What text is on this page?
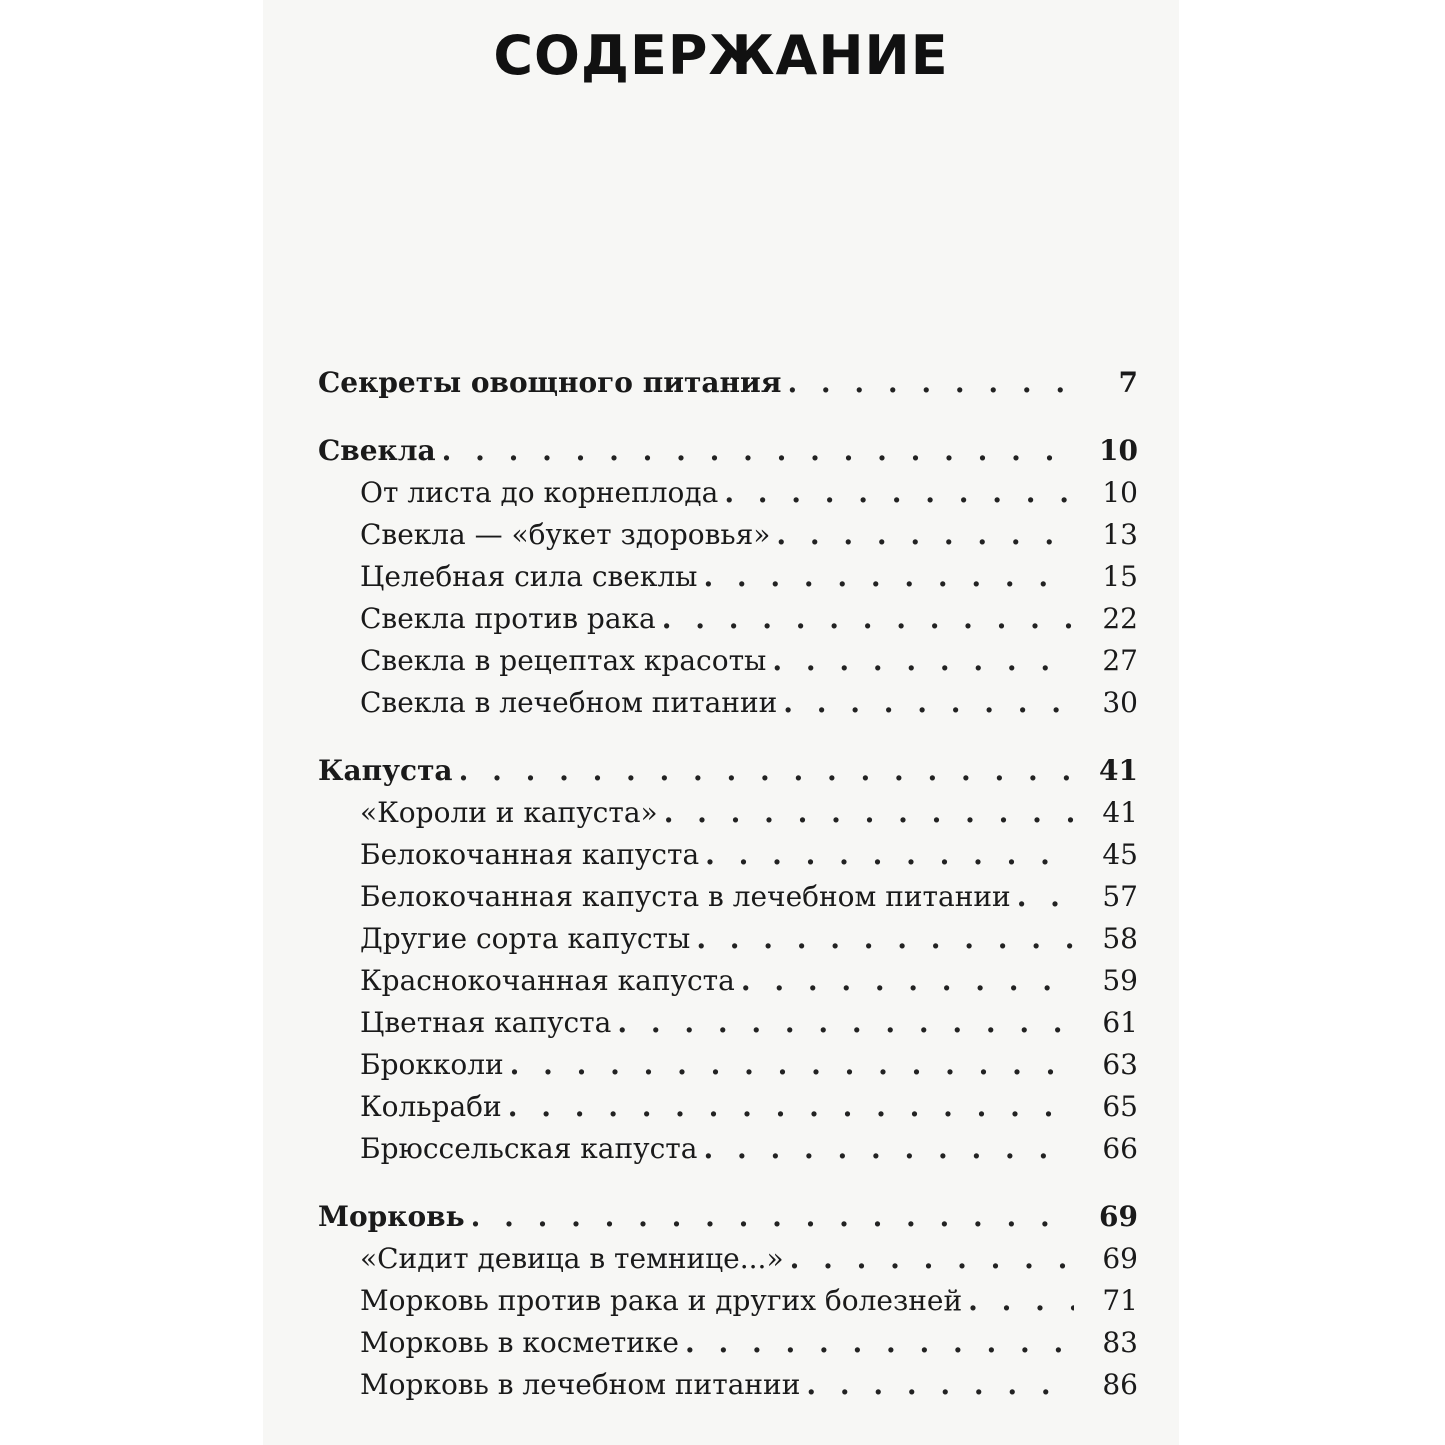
СОДЕРЖАНИЕ
Секреты овощного питания . . .	7
Свекла . . .	10
От листа до корнеплода . . .	10
Свекла — «букет здоровья» . . .	13
Целебная сила свеклы . . .	15
Свекла против рака . . .	22
Свекла в рецептах красоты . . .	27
Свекла в лечебном питании . . .	30
Капуста . . .	41
«Короли и капуста» . . .	41
Белокочанная капуста . . .	45
Белокочанная капуста в лечебном питании . . .	57
Другие сорта капусты . . .	58
Краснокочанная капуста . . .	59
Цветная капуста . . .	61
Брокколи . . .	63
Кольраби . . .	65
Брюссельская капуста . . .	66
Морковь . . .	69
«Сидит девица в темнице...» . . .	69
Морковь против рака и других болезней . . .	71
Морковь в косметике . . .	83
Морковь в лечебном питании . . .	86
